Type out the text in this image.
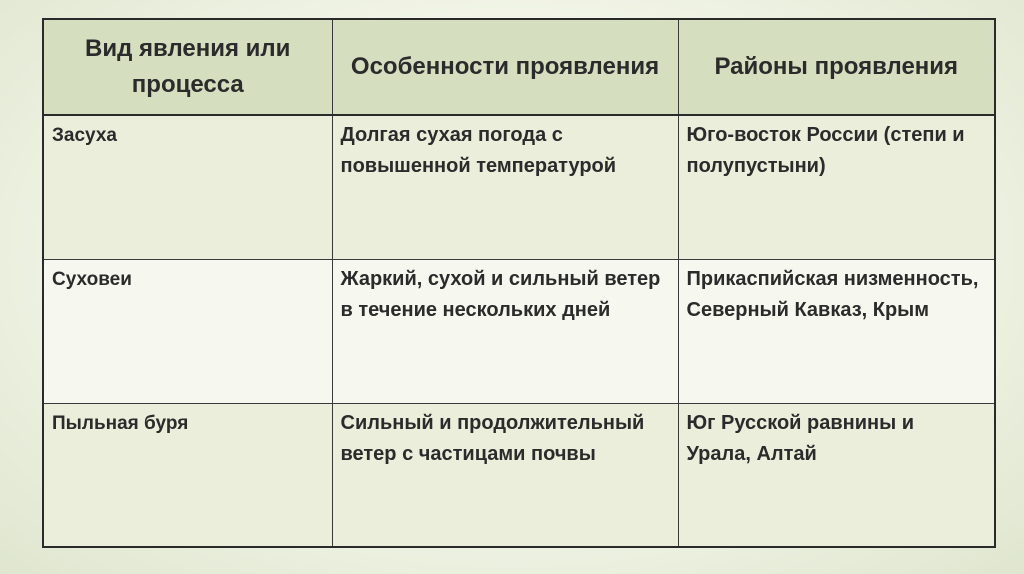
Вид явления или процесса	Особенности проявления	Районы проявления
Засуха	Долгая сухая погода с повышенной температурой	Юго-восток России (степи и полупустыни)
Суховеи	Жаркий, сухой и сильный ветер в течение нескольких дней	Прикаспийская низменность, Северный Кавказ, Крым
Пыльная буря	Сильный и продолжительный ветер с частицами почвы	Юг Русской равнины и Урала, Алтай
